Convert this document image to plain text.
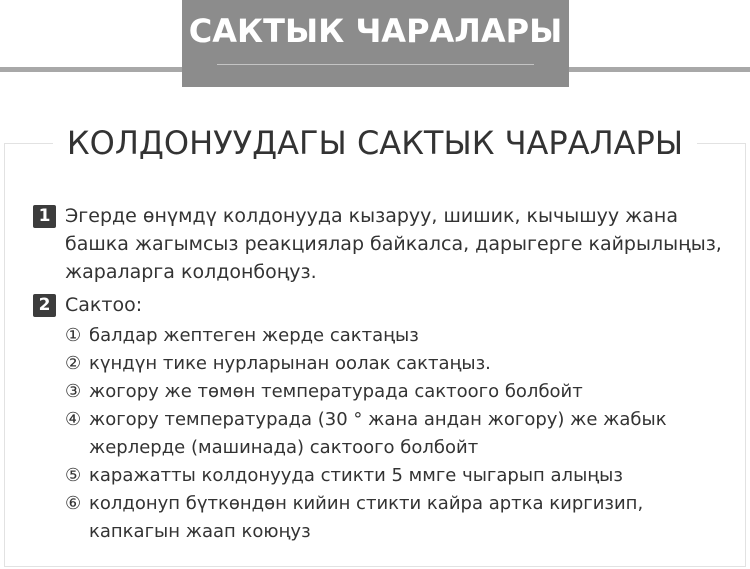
САКТЫК ЧАРАЛАРЫ
КОЛДОНУУДАГЫ САКТЫК ЧАРАЛАРЫ
1 Эгерде өнүмдү колдонууда кызаруу, шишик, кычышуу жана башка жагымсыз реакциялар байкалса, дарыгерге кайрылыңыз, жараларга колдонбоңуз.
2 Сактоо:
① балдар жептеген жерде сактаңыз
② күндүн тике нурларынан оолак сактаңыз.
③ жогору же төмөн температурада сактоого болбойт
④ жогору температурада (30 ° жана андан жогору) же жабык жерлерде (машинада) сактоого болбойт
⑤ каражатты колдонууда стикти 5 ммге чыгарып алыңыз
⑥ колдонуп бүткөндөн кийин стикти кайра артка киргизип, капкагын жаап коюңуз
